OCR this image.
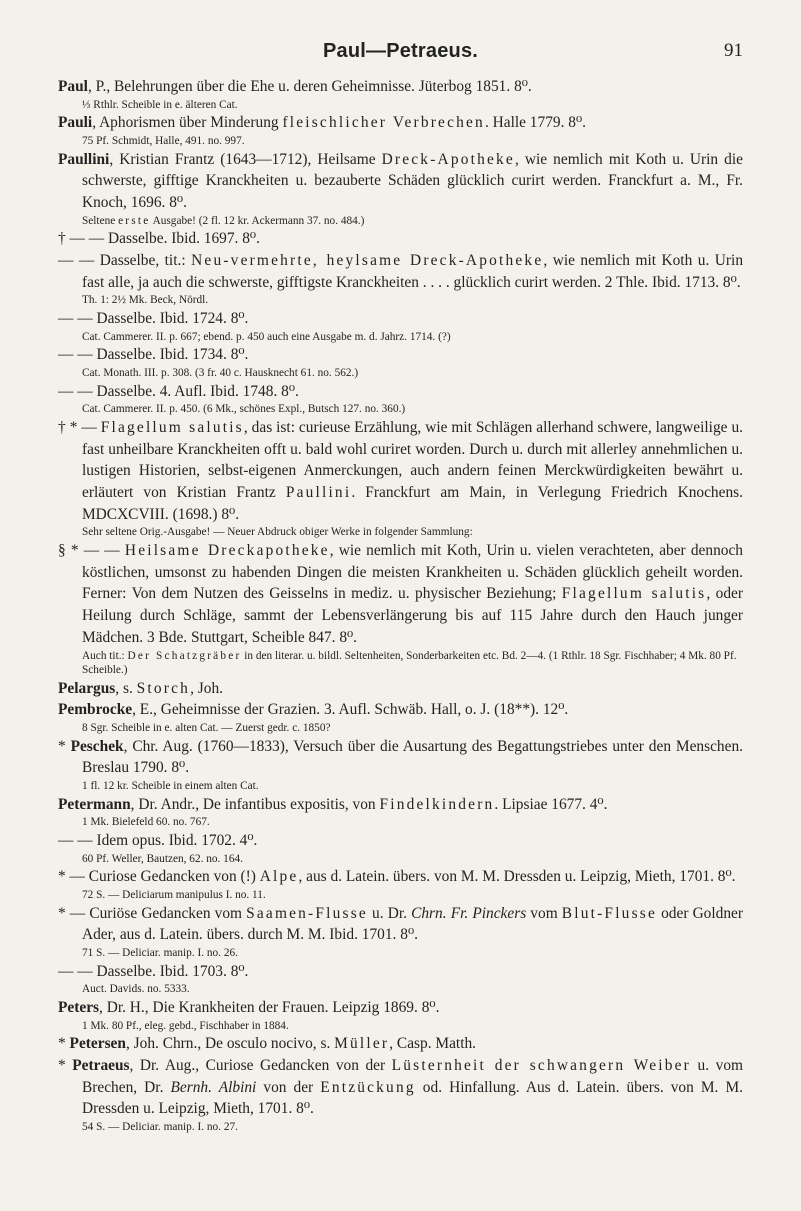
Paul—Petraeus.	91
Paul, P., Belehrungen über die Ehe u. deren Geheimnisse. Jüterbog 1851. 8⁰.
⅓ Rthlr. Scheible in e. älteren Cat.
Pauli, Aphorismen über Minderung fleischlicher Verbrechen. Halle 1779. 8⁰.
75 Pf. Schmidt, Halle, 491. no. 997.
Paullini, Kristian Frantz (1643—1712), Heilsame Dreck-Apotheke, wie nemlich mit Koth u. Urin die schwerste, gifftige Kranckheiten u. bezauberte Schäden glücklich curirt werden. Franckfurt a. M., Fr. Knoch, 1696. 8⁰.
Seltene erste Ausgabe! (2 fl. 12 kr. Ackermann 37. no. 484.)
† — — Dasselbe. Ibid. 1697. 8⁰.
— — Dasselbe, tit.: Neu-vermehrte, heylsame Dreck-Apotheke, wie nemlich mit Koth u. Urin fast alle, ja auch die schwerste, gifftigste Kranckheiten . . . . glücklich curirt werden. 2 Thle. Ibid. 1713. 8⁰.
Th. 1: 2½ Mk. Beck, Nördl.
— — Dasselbe. Ibid. 1724. 8⁰.
Cat. Cammerer. II. p. 667; ebend. p. 450 auch eine Ausgabe m. d. Jahrz. 1714. (?)
— — Dasselbe. Ibid. 1734. 8⁰.
Cat. Monath. III. p. 308. (3 fr. 40 c. Hausknecht 61. no. 562.)
— — Dasselbe. 4. Aufl. Ibid. 1748. 8⁰.
Cat. Cammerer. II. p. 450. (6 Mk., schönes Expl., Butsch 127. no. 360.)
† * — Flagellum salutis, das ist: curieuse Erzählung, wie mit Schlägen allerhand schwere, langweilige u. fast unheilbare Kranckheiten offt u. bald wohl curiret worden. Durch u. durch mit allerley annehmlichen u. lustigen Historien, selbst-eigenen Anmerckungen, auch andern feinen Merckwürdigkeiten bewährt u. erläutert von Kristian Frantz Paullini. Franckfurt am Main, in Verlegung Friedrich Knochens. MDCXCVIII. (1698.) 8⁰.
Sehr seltene Orig.-Ausgabe! — Neuer Abdruck obiger Werke in folgender Sammlung:
§ * — — Heilsame Dreckapotheke, wie nemlich mit Koth, Urin u. vielen verachteten, aber dennoch köstlichen, umsonst zu habenden Dingen die meisten Krankheiten u. Schäden glücklich geheilt worden. Ferner: Von dem Nutzen des Geisselns in mediz. u. physischer Beziehung; Flagellum salutis, oder Heilung durch Schläge, sammt der Lebensverlängerung bis auf 115 Jahre durch den Hauch junger Mädchen. 3 Bde. Stuttgart, Scheible 847. 8⁰.
Auch tit.: Der Schatzgräber in den literar. u. bildl. Seltenheiten, Sonderbarkeiten etc. Bd. 2—4. (1 Rthlr. 18 Sgr. Fischhaber; 4 Mk. 80 Pf. Scheible.)
Pelargus, s. Storch, Joh.
Pembrocke, E., Geheimnisse der Grazien. 3. Aufl. Schwäb. Hall, o. J. (18**). 12⁰.
8 Sgr. Scheible in e. alten Cat. — Zuerst gedr. c. 1850?
* Peschek, Chr. Aug. (1760—1833), Versuch über die Ausartung des Begattungstriebes unter den Menschen. Breslau 1790. 8⁰.
1 fl. 12 kr. Scheible in einem alten Cat.
Petermann, Dr. Andr., De infantibus expositis, von Findelkindern. Lipsiae 1677. 4⁰.
1 Mk. Bielefeld 60. no. 767.
— — Idem opus. Ibid. 1702. 4⁰.
60 Pf. Weller, Bautzen, 62. no. 164.
* — Curiose Gedancken von (!) Alpe, aus d. Latein. übers. von M. M. Dressden u. Leipzig, Mieth, 1701. 8⁰.
72 S. — Deliciarum manipulus I. no. 11.
* — Curiöse Gedancken vom Saamen-Flusse u. Dr. Chrn. Fr. Pinckers vom Blut-Flusse oder Goldner Ader, aus d. Latein. übers. durch M. M. Ibid. 1701. 8⁰.
71 S. — Deliciar. manip. I. no. 26.
— — Dasselbe. Ibid. 1703. 8⁰.
Auct. Davids. no. 5333.
Peters, Dr. H., Die Krankheiten der Frauen. Leipzig 1869. 8⁰.
1 Mk. 80 Pf., eleg. gebd., Fischhaber in 1884.
* Petersen, Joh. Chrn., De osculo nocivo, s. Müller, Casp. Matth.
* Petraeus, Dr. Aug., Curiose Gedancken von der Lüsternheit der schwangern Weiber u. vom Brechen, Dr. Bernh. Albini von der Entzückung od. Hinfallung. Aus d. Latein. übers. von M. M. Dressden u. Leipzig, Mieth, 1701. 8⁰.
54 S. — Deliciar. manip. I. no. 27.
